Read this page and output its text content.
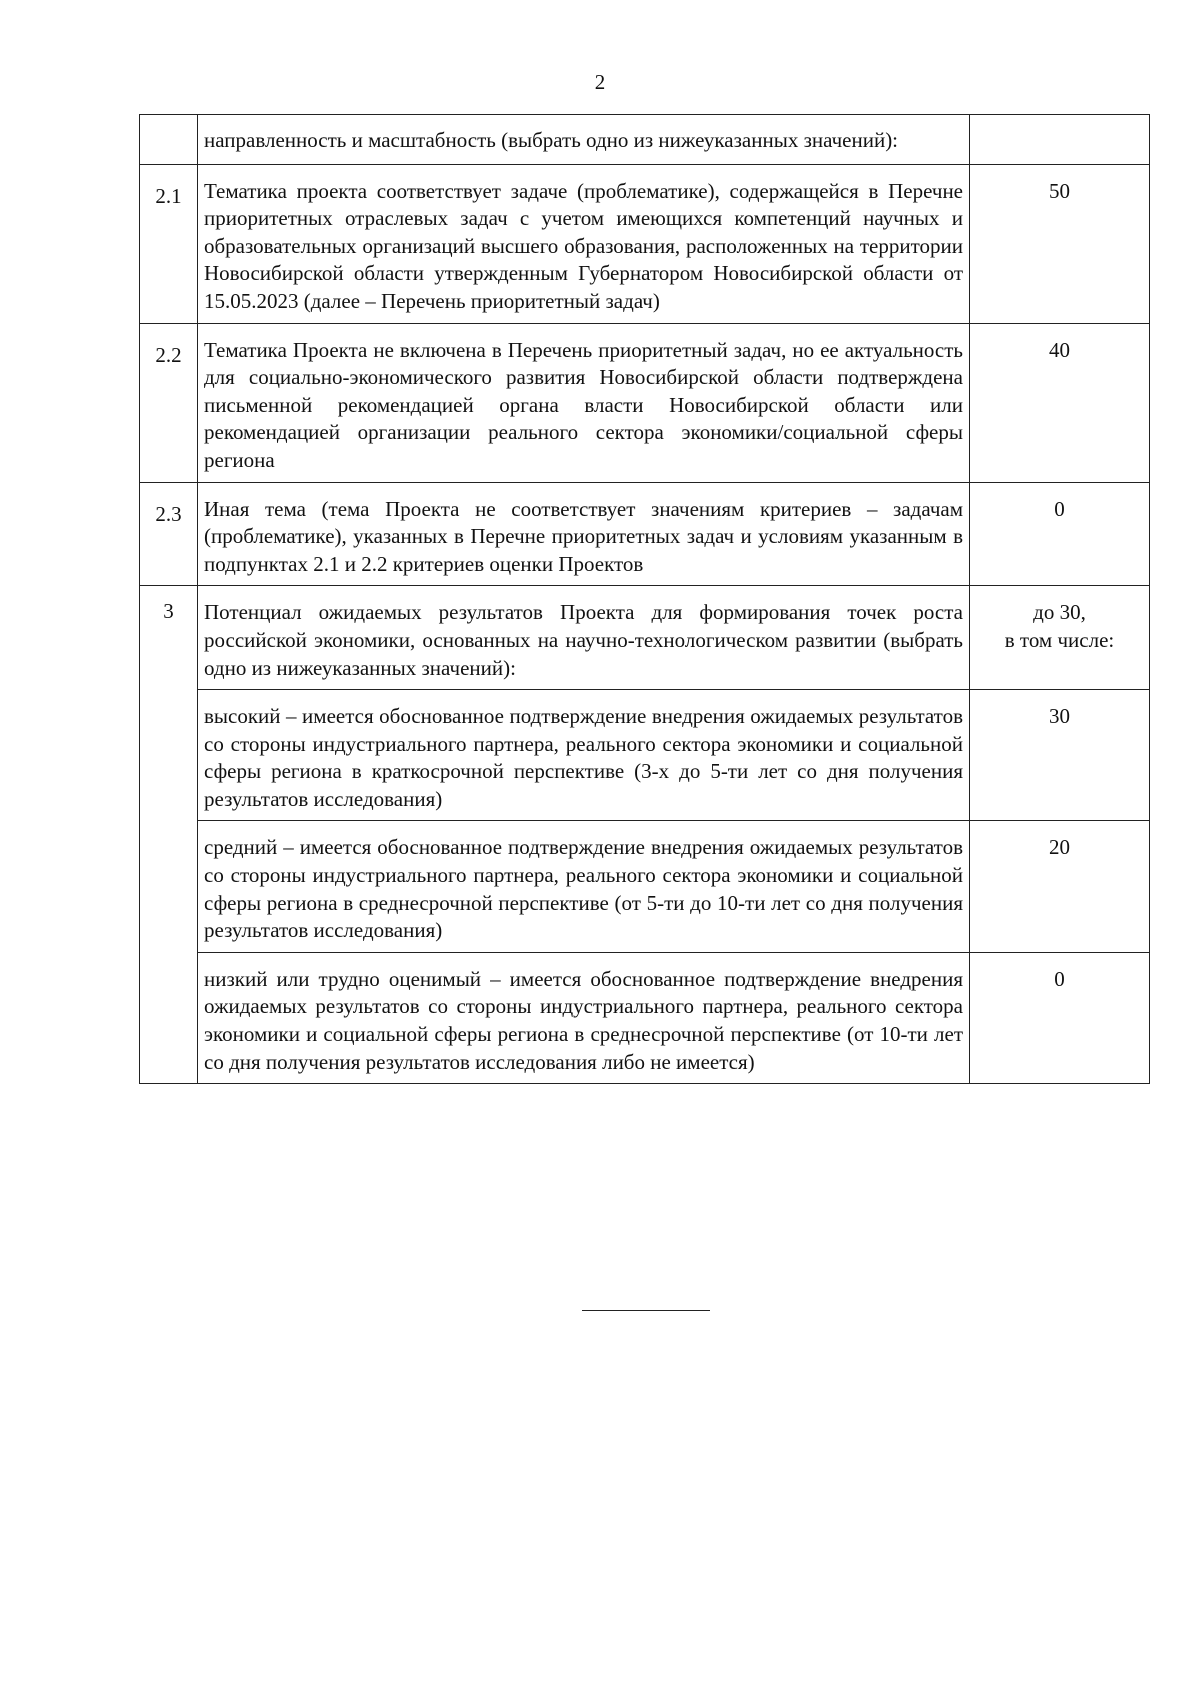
2
	направленность и масштабность (выбрать одно из нижеуказанных значений):	
2.1	Тематика проекта соответствует задаче (проблематике), содержащейся в Перечне приоритетных отраслевых задач с учетом имеющихся компетенций научных и образовательных организаций высшего образования, расположенных на территории Новосибирской области утвержденным Губернатором Новосибирской области от 15.05.2023 (далее – Перечень приоритетный задач)	50
2.2	Тематика Проекта не включена в Перечень приоритетный задач, но ее актуальность для социально-экономического развития Новосибирской области подтверждена письменной рекомендацией органа власти Новосибирской области или рекомендацией организации реального сектора экономики/социальной сферы региона	40
2.3	Иная тема (тема Проекта не соответствует значениям критериев – задачам (проблематике), указанных в Перечне приоритетных задач и условиям указанным в подпунктах 2.1 и 2.2 критериев оценки Проектов	0
3	Потенциал ожидаемых результатов Проекта для формирования точек роста российской экономики, основанных на научно-технологическом развитии (выбрать одно из нижеуказанных значений):	до 30,
в том числе:

	высокий – имеется обоснованное подтверждение внедрения ожидаемых результатов со стороны индустриального партнера, реального сектора экономики и социальной сферы региона в краткосрочной перспективе (3-х до 5-ти лет со дня получения результатов исследования)	30
	средний – имеется обоснованное подтверждение внедрения ожидаемых результатов со стороны индустриального партнера, реального сектора экономики и социальной сферы региона в среднесрочной перспективе (от 5-ти до 10-ти лет со дня получения результатов исследования)	20
	низкий или трудно оценимый – имеется обоснованное подтверждение внедрения ожидаемых результатов со стороны индустриального партнера, реального сектора экономики и социальной сферы региона в среднесрочной перспективе (от 10-ти лет со дня получения результатов исследования либо не имеется)	0
